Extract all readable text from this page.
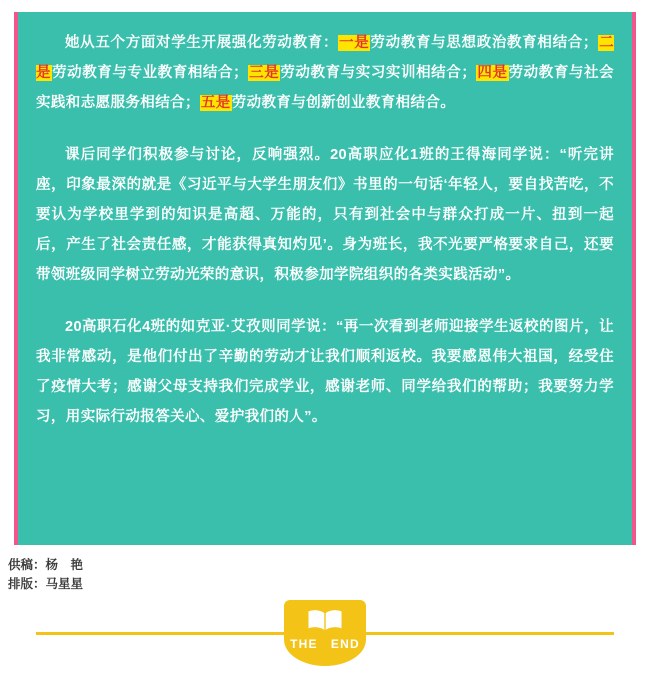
她从五个方面对学生开展强化劳动教育：一是劳动教育与思想政治教育相结合；二是劳动教育与专业教育相结合；三是劳动教育与实习实训相结合；四是劳动教育与社会实践和志愿服务相结合；五是劳动教育与创新创业教育相结合。

课后同学们积极参与讨论，反响强烈。20高职应化1班的王得海同学说：“听完讲座，印象最深的就是《习近平与大学生朋友们》书里的一句话‘年轻人，要自找苦吃，不要认为学校里学到的知识是高超、万能的，只有到社会中与群众打成一片、扭到一起后，产生了社会责任感，才能获得真知灼见’。身为班长，我不光要严格要求自己，还要带领班级同学树立劳动光荣的意识，积极参加学院组织的各类实践活动”。

20高职石化4班的如克亚·艾孜则同学说：“再一次看到老师迎接学生返校的图片，让我非常感动，是他们付出了辛勤的劳动才让我们顺利返校。我要感恩伟大祖国，经受住了疫情大考；感谢父母支持我们完成学业，感谢老师、同学给我们的帮助；我要努力学习，用实际行动报答关心、爱护我们的人”。

供稿：杨　艳
排版：马星星
THE　END
